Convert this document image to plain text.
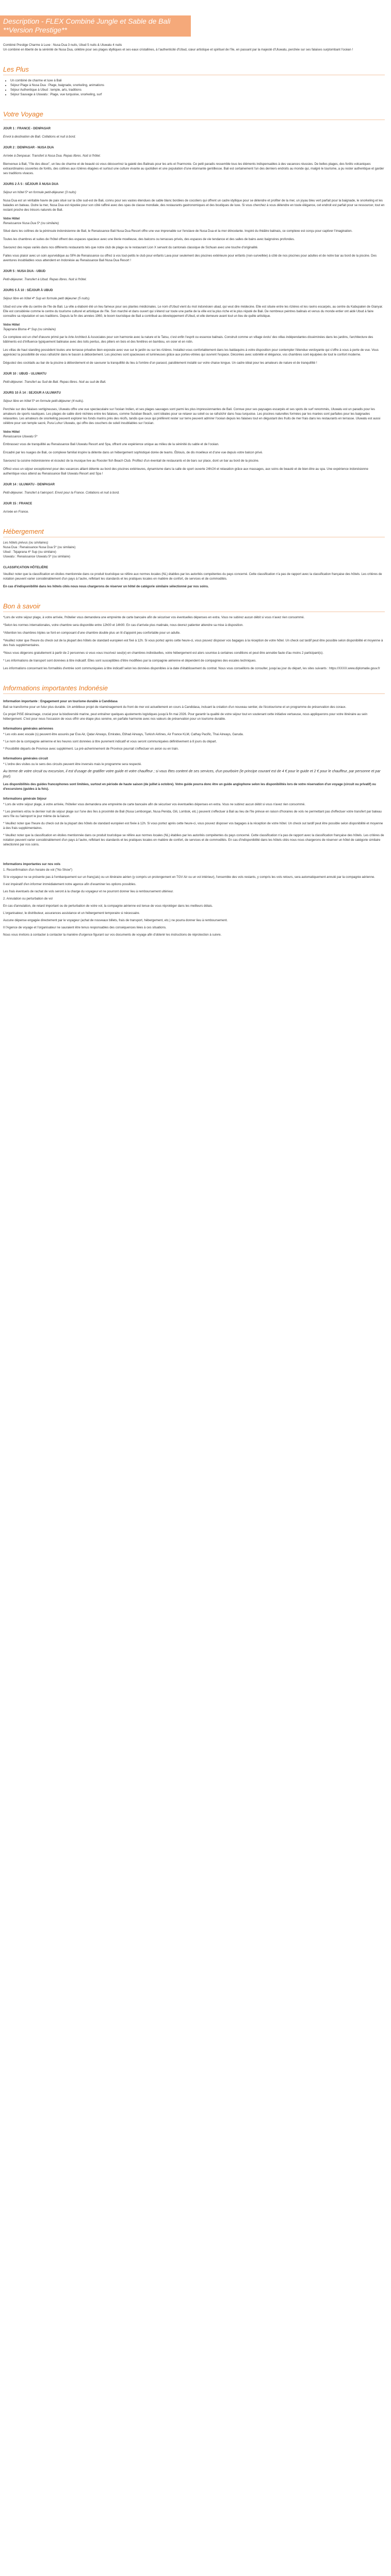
Description - FLEX Combiné Jungle et Sable de Bali **Version Prestige**

Combiné Prestige Charme à Luxe : Nusa Dua 3 nuits, Ubud 5 nuits & Uluwatu 4 nuits

Un combiné en liberté de la sérénité de Nusa Dua, célèbre pour ses plages idylliques et ses eaux cristallines, à l'authenticité d'Ubud, cœur artistique et spirituel de l'île, en passant par la majesté d'Uluwatu, perchée sur ses falaises surplombant l'océan !

Les Plus
• Un combiné de charme et luxe à Bali
• Séjour Plage à Nusa Dua : Plage, baignade, snorkeling, animations
• Séjour Authentique à Ubud : temple, arts, traditions
• Séjour Sauvage à Uluwatu : Plage, vue turquoise, snorkeling, surf
Votre Voyage

JOUR 1 : FRANCE - DENPASAR

Envol à destination de Bali. Collations et nuit à bord.

JOUR 2 : DENPASAR - NUSA DUA

Arrivée à Denpasar. Transfert à Nusa Dua. Repas libres. Nuit à l'hôtel.

Bienvenue à Bali, "l'île des dieux", un lieu de charme et de beauté où vous découvrirez la gaieté des Balinais pour les arts et l'harmonie. Ce petit paradis ressemble tous les éléments indispensables à des vacances réussies. De belles plages, des forêts volcaniques extraordinaires couvertes de forêts, des collines aux rizières étagées et surtout une culture vivante au quotidien et une population d'une étonnante gentillesse. Bali est certainement l'un des derniers endroits au monde qui, malgré le tourisme, a pu rester authentique et garder ses traditions vivaces.

JOURS 2 À 5 : SÉJOUR À NUSA DUA

Séjour en hôtel 5* en formule petit-déjeuner (3 nuits)

Nusa Dua est un véritable havre de paix situé sur la côte sud-est de Bali, connu pour ses vastes étendues de sable blanc bordées de cocotiers qui offrent un cadre idyllique pour se détendre et profiter de la mer, un joyau bleu vert parfait pour la baignade, le snorkeling et les balades en bateau. Outre la mer, Nusa Dua est réputée pour son côté raffiné avec des spas de classe mondiale, des restaurants gastronomiques et des boutiques de luxe. Si vous cherchez à vous détendre en toute élégance, cet endroit est parfait pour se ressourcer, tout en restant proche des trésors naturels de Bali.

Votre Hôtel
Renaissance Nusa Dua 5* (ou similaire)

Situé dans les collines de la péninsule indonésienne de Bali, le Renaissance Bali Nusa Dua Resort offre une vue imprenable sur l'enclave de Nusa Dua et la mer étincelante. Inspiré du théâtre balinais, ce complexe est conçu pour captiver l'imagination.

Toutes les chambres et suites de l'hôtel offrent des espaces spacieux avec une literie moelleuse, des balcons ou terrasses privés, des espaces de vie tendance et des salles de bains avec baignoires profondes.

Savourez des repas variés dans nos différents restaurants tels que notre club de plage ou le restaurant Lion X servant du cantonais classique de Sichuan avec une touche d'originalité.

Faites vous plaisir avec un soin ayurvédique au SPA de Renaissance ou offrez à vos tout-petits le club pour enfants Lava pour seulement des piscines extérieure pour enfants (non-surveillée) à côté de nos piscines pour adultes et de notre bar au bord de la piscine. Des aventures inoubliables vous attendent en Indonésie au Renaissance Bali Nusa Dua Resort !

JOUR 5 : NUSA DUA - UBUD

Petit-déjeuner. Transfert à Ubud. Repas libres. Nuit à l'hôtel.

JOURS 5 À 10 : SÉJOUR À UBUD

Séjour libre en hôtel 4* Sup en formule petit déjeuner (5 nuits).

Ubud est une ville du centre de l'île de Bali. La ville a élaboré été un lieu fameux pour ses plantes médicinales. Le nom d'Ubud vient du mot indonésien ubad, qui veut dire médecine. Elle est située entre les rizières et les ravins escarpés, au centre du Kabupaten de Gianyar. Elle est considérée comme le centre du tourisme culturel et artistique de l'île. Son marché et dans ouvert qui s'étend sur toute une partie de la ville est la plus riche et le plus réputé de Bali. De nombreux peintres balinais et venus du monde entier ont aidé Ubud à faire connaître sa réputation et ses traditions. Depuis la fin des années 1960, le boom touristique de Bali a contribué au développement d'Ubud, et elle demeure avant tout un lieu de quête artistique.

Votre Hôtel
Tejaprana Bisma 4* Sup (ou similaire)

Ce complexe est un chef d'œuvre primé par le Arte Architect & Associates pour son harmonie avec la nature et le Tatsu, c'est enfin l'esprit ou essence balinais. Construit comme un village évolu' des villas indépendantes disséminées dans les jardins, l'architecture des bâtiments est d'influence typiquement balinaise avec des toits pentus, des piliers en bois et des fenêtres en bambou, en osier et en rotin.

Les villas de haut standing possèdent toutes une terrasse privative bien exposée avec vue sur le jardin ou sur les rizières. Installez-vous confortablement dans les baldaquins à votre disposition pour contempler l'étendue verdoyante qui s'offre à vous à perte de vue. Vous appréciez la possibilité de vous rafraîchir dans le bassin à débordement. Les piscines sont spacieuses et lumineuses grâce aux portes-vitrées qui ouvrent l'espace. Décorées avec sobriété et élégance, vos chambres sont équipées de tout le confort moderne.

Dégustez des cocktails au bar de la piscine à débordement et de savourer la tranquillité du lieu à l'ombre d'un parasol, paisiblement installé sur votre chaise longue. Un cadre idéal pour les amateurs de nature et de tranquillité !

JOUR 10 : UBUD - ULUWATU

Petit-déjeuner. Transfert au Sud de Bali. Repas libres. Nuit au sud de Bali.

JOURS 10 À 14 : SEJOUR A ULUWATU

Séjour libre en hôtel 5* en formule petit-déjeuner (4 nuits).

Perchée sur des falaises vertigineuses, Uluwatu offre une vue spectaculaire sur l'océan Indien, et ses plages sauvages sont parmi les plus impressionnantes de Bali. Connue pour ses paysages escarpés et ses spots de surf renommés, Uluwatu est un paradis pour les amateurs de sports nautiques. Les plages de sable doré nichées entre les falaises, comme Suluban Beach, sont idéales pour se relaxer au soleil ou se rafraîchir dans l'eau turquoise. Les piscines naturelles formées par les marées sont parfaites pour les baignades relaxantes. Les amateurs de snorkeling peuvent explorer les fonds marins près des récifs, tandis que ceux qui préfèrent rester sur terre peuvent admirer l'océan depuis les falaises tout en dégustant des fruits de mer frais dans les restaurants en terrasse. Uluwatu est aussi célèbre pour son temple sacré, Pura Luhur Uluwatu, qui offre des couchers de soleil inoubliables sur l'océan.

Votre Hôtel
Renaissance Uluwatu 5*

Embrassez vous de tranquillité au Renaissance Bali Uluwatu Resort and Spa, offrant une expérience unique au milieu de la sérénité du sable et de l'océan.

Encadré par les nuages de Bali, ce complexe familial inspire la détente dans un hébergement sophistiqué dorée de teams. Éblouis, de dis moelleux et d'une vue depuis votre balcon privé.

Savourez la cuisine indonésienne et écoutez de la musique live au Rooster fish Beach Club. Profitez d'un éventail de restaurants et de bars sur place, dont un bar au bord de la piscine.

Offrez-vous un séjour exceptionnel pour des vacances alliant détente au bord des piscines extérieures, dynamisme dans la salle de sport ouverte 24h/24 et relaxation grâce aux massages, aux soins de beauté et de bien-être au spa. Une expérience indonésienne authentique vous attend au Renaissance Bali Uluwatu Resort and Spa !

JOUR 14 : ULUWATU - DENPASAR

Petit-déjeuner. Transfert à l'aéroport. Envol pour la France. Collations et nuit à bord.

JOUR 15 : FRANCE

Arrivée en France.

Hébergement

Les hôtels prévus (ou similaires)

Nusa Dua : Renaissance Nusa Dua 5* (ou similaire)

Ubud : Tejaprana 4* Sup (ou similaire)

Uluwatu : Renaissance Uluwatu 5* (ou similaire)

CLASSIFICATION HÔTELIÈRE

Veuillez noter que la classification en étoiles mentionnée dans ce produit touristique se réfère aux normes locales (NL) établies par les autorités compétentes du pays concerné. Cette classification n'a pas de rapport avec la classification française des hôtels. Les critères de notation peuvent varier considérablement d'un pays à l'autre, reflétant les standards et les pratiques locales en matière de confort, de services et de commodités.

En cas d'indisponibilité dans les hôtels cités nous nous chargerons de réserver un hôtel de catégorie similaire sélectionné par nos soins.

Bon à savoir

*Lors de votre séjour plage, à votre arrivée, l'hôtelier vous demandera une empreinte de carte bancaire afin de sécuriser vos éventuelles dépenses en extra. Vous ne subirez aucun débit si vous n'avez rien consommé.

*Selon les normes internationales, votre chambre sera disponible entre 12h00 et 14h00. En cas d'arrivée plus matinale, nous devrez patienter attendre sa mise à disposition.

*Attention les chambres triples se font en composant d'une chambre double plus un lit d'appoint peu confortable pour un adulte.

*Veuillez noter que l'heure du check out de la plupart des hôtels de standard européen est fixé à 12h. Si vous portez après cette heure-ci, vous pouvez disposer vos bagages à la réception de votre hôtel. Un check out tardif peut être possible selon disponibilité et moyenne à des frais supplémentaires.

*Nous vous dégerons gratuitement à partir de 2 personnes si vous vous inscrivez seul(e) en chambres individuelles, votre hébergement est alors soumise à certaines conditions et peut être annulée faute d'au moins 2 participant(s).

* Les informations de transport sont données à titre indicatif. Elles sont susceptibles d'être modifiées par la compagnie aérienne et dépendent de compagnies des escales techniques.

Les informations concernant les formalités d'entrée sont communiquées à titre indicatif selon les données disponibles à la date d'établissement du contrat. Nous vous conseillons de consulter, jusqu'au jour du départ, les sites suivants : https://XXXX.www.diplomatie.gouv.fr

Informations importantes Indonésie

Information importante : Engagement pour un tourisme durable à Candidasa

Bali se transforme pour un futur plus durable. Un ambitieux projet de réaménagement du front de mer est actuellement en cours à Candidasa, incluant la création d'un nouveau sentier, de l'écotourisme et un programme de préservation des coraux.

Ce projet PISE déracinage, crucial pour la biodiversité marine, peut entraîner quelques ajustements logistiques jusqu'à fin mai 2026. Pour garantir la qualité de votre séjour tout en soutenant cette initiative vertueuse, nous appliquerons pour votre itinéraire au sein hébergement. C'est pour nous l'occasion de vous offrir une étape plus sereine, en parfaite harmonie avec nos valeurs de préservation pour un tourisme durable.

Informations générales aériennes

* Les vols avec escale (s) peuvent être assurés par Eva Air, Qatar Airways, Emirates, Etihad Airways, Turkish Airlines, Air France KLM, Cathay Pacific, Thai Airways, Garuda.

* Le nom de la compagnie aérienne et les heures sont données à titre purement indicatif et vous seront communiquées définitivement à 8 jours du départ.

* Possibilité départs de Province avec supplément. La pré-acheminement de Province pourrait s'effectuer en avion ou en train.

Informations générales circuit

* L'ordre des visites ou le sens des circuits peuvent être inversés mais le programme sera respecté.

Au terme de votre circuit ou excursion, il est d'usage de gratifier votre guide et votre chauffeur ; si vous êtes content de ses services, d'un pourboire (le principe courant est de 4 € pour le guide et 2 € pour le chauffeur, par personne et par jour).

Les disponibilités des guides francophones sont limitées, surtout en période de haute saison (de juillet à octobre). Votre guide pourra donc être un guide anglophone selon les disponibilités lors de votre réservation d'un voyage (circuit ou privatif) ou d'excursions (guides à la fois).

Informations générale Séjour

* Lors de votre séjour plage, à votre arrivée, l'hôtelier vous demandera une empreinte de carte bancaire afin de sécuriser vos éventuelles dépenses en extra. Vous ne subirez aucun débit si vous n'avez rien consommé.

* Les premiers et/ou le dernier nuit de séjour plage sur l'une des îles à proximité de Bali (Nusa Lembongan, Nusa Penida, Gili, Lombok, etc.) peuvent s'effectuer à Bali au lieu de l'île prévue en raison d'horaires de vols ne permettant pas d'effectuer votre transfert par bateau vers l'île ou l'aéroport le jour même de la liaison.

* Veuillez noter que l'heure du check out de la plupart des hôtels de standard européen est fixée à 12h. Si vous portez après cette heure-ci, vous pouvez disposer vos bagages à la réception de votre hôtel. Un check out tardif peut être possible selon disponibilité et moyenne à des frais supplémentaires.

* Veuillez noter que la classification en étoiles mentionnée dans ce produit touristique se réfère aux normes locales (NL) établies par les autorités compétentes du pays concerné. Cette classification n'a pas de rapport avec la classification française des hôtels. Les critères de notation peuvent varier considérablement d'un pays à l'autre, reflétant les standards et les pratiques locales en matière de confort, de services et de commodités. En cas d'indisponibilité dans les hôtels cités nous nous chargerons de réserver un hôtel de catégorie similaire sélectionné par nos soins.

Informations importantes sur nos vols

1. Reconfirmation d'un horaire de vol ("No Show")

Si le voyageur ne se présente pas à l'embarquement sur un franç(ais) ou un itinéraire aérien (y compris un prolongement en TGV Air ou un vol intérieur), l'ensemble des vols restants, y compris les vols retours, sera automatiquement annulé par la compagnie aérienne.

Il est impératif d'en informer immédiatement notre agence afin d'examiner les options possibles.

Les frais éventuels de rachat de vols seront à la charge du voyageur et ne pourront donner lieu à remboursement ultérieur.

2. Annulation ou perturbation de vol

En cas d'annulation, de retard important ou de perturbation de votre vol, la compagnie aérienne est tenue de vous réprotéger dans les meilleurs délais.

L'organisateur, le distributeur, assurances assistance et un hébergement temporaire si nécessaire.

Aucune dépense engagée directement par le voyageur (achat de nouveaux billets, frais de transport, hébergement, etc.) ne pourra donner lieu à remboursement.

Il l'Agence de voyage et l'organisateur ne sauraient être tenus responsables des conséquences liées à ces situations.

Nous vous invitons à contacter à contacter la manière d'urgence figurant sur vos documents de voyage afin d'obtenir les instructions de réprotection à suivre.
